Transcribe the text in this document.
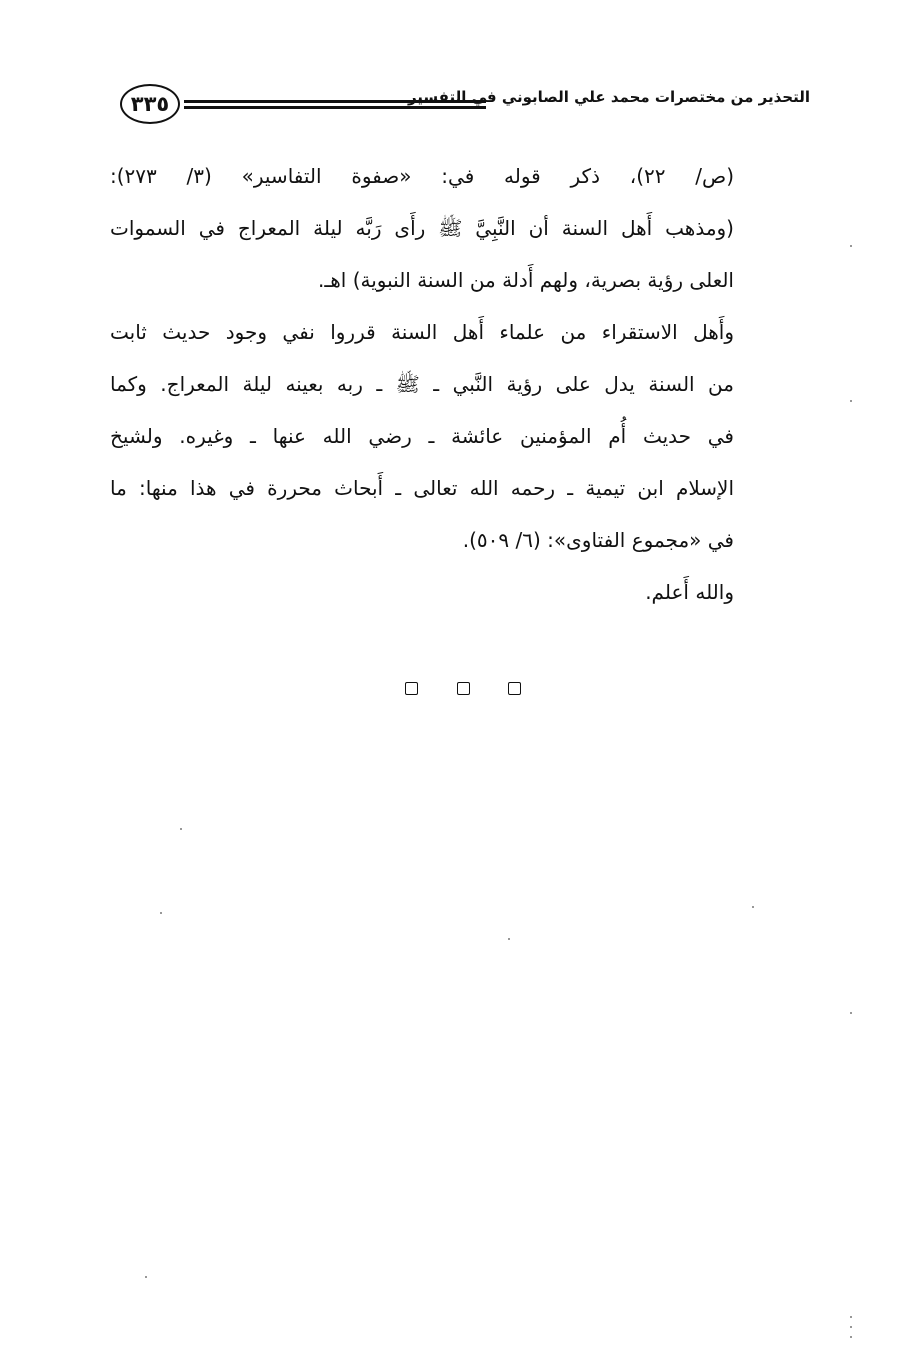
٣٣٥	التحذير من مختصرات محمد علي الصابوني في التفسير
(ص/ ٢٢)، ذكر قوله في: «صفوة التفاسير» (٣/ ٢٧٣):
(ومذهب أَهل السنة أن النَّبِيَّ ﷺ رأَى رَبَّه ليلة المعراج في السموات
العلى رؤية بصرية، ولهم أَدلة من السنة النبوية) اهـ.
وأَهل الاستقراء من علماء أَهل السنة قرروا نفي وجود حديث ثابت
من السنة يدل على رؤية النَّبي ـ ﷺ ـ ربه بعينه ليلة المعراج. وكما
في حديث أُم المؤمنين عائشة ـ رضي الله عنها ـ وغيره. ولشيخ
الإسلام ابن تيمية ـ رحمه الله تعالى ـ أَبحاث محررة في هذا منها: ما
في «مجموع الفتاوى»: (٦/ ٥٠٩).
والله أَعلم.
